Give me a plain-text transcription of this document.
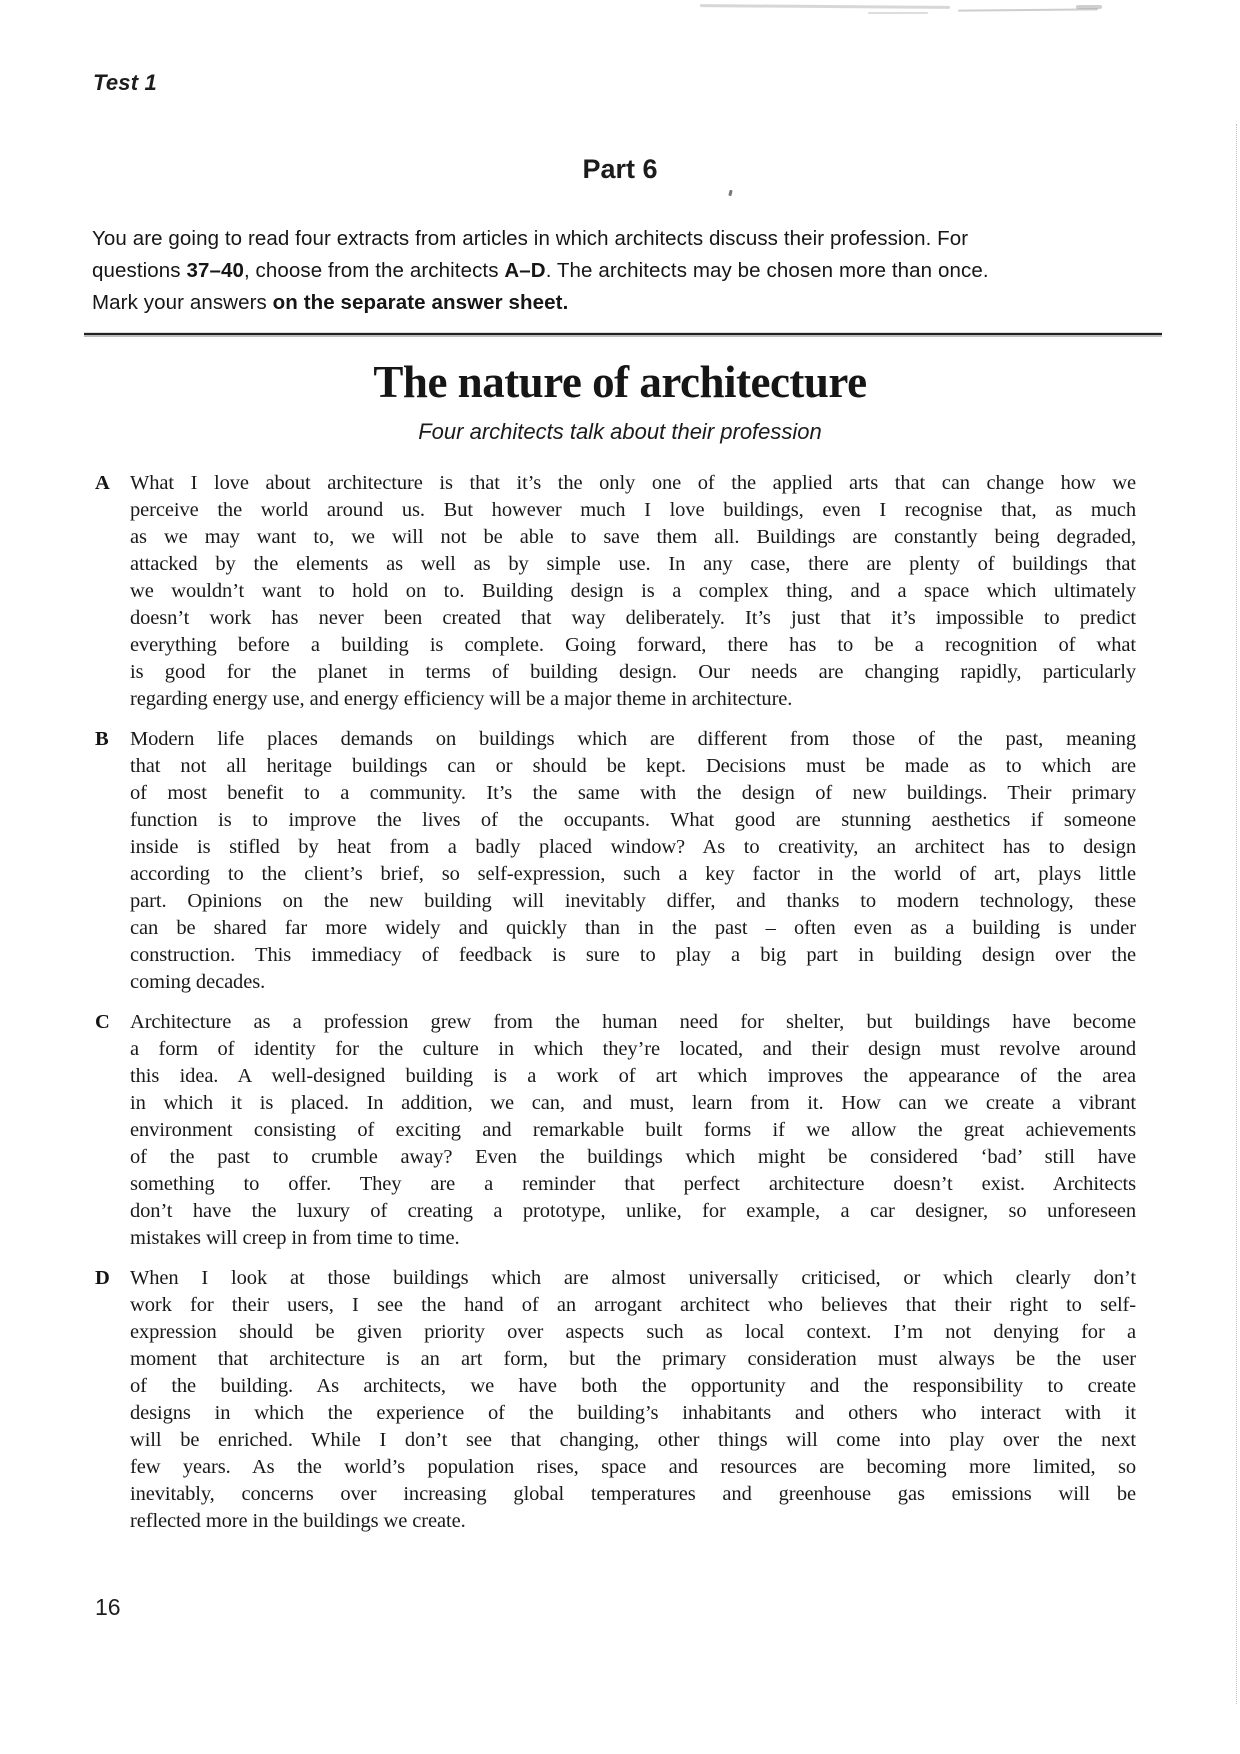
Test 1
Part 6
You are going to read four extracts from articles in which architects discuss their profession. For
questions 37–40, choose from the architects A–D. The architects may be chosen more than once.
Mark your answers on the separate answer sheet.
The nature of architecture
Four architects talk about their profession
A What I love about architecture is that it’s the only one of the applied arts that can change how we
perceive the world around us. But however much I love buildings, even I recognise that, as much
as we may want to, we will not be able to save them all. Buildings are constantly being degraded,
attacked by the elements as well as by simple use. In any case, there are plenty of buildings that
we wouldn’t want to hold on to. Building design is a complex thing, and a space which ultimately
doesn’t work has never been created that way deliberately. It’s just that it’s impossible to predict
everything before a building is complete. Going forward, there has to be a recognition of what
is good for the planet in terms of building design. Our needs are changing rapidly, particularly
regarding energy use, and energy efficiency will be a major theme in architecture.
B	Modern life places demands on buildings which are different from those of the past, meaning
that not all heritage buildings can or should be kept. Decisions must be made as to which are
of most benefit to a community. It’s the same with the design of new buildings. Their primary
function is to improve the lives of the occupants. What good are stunning aesthetics if someone
inside is stifled by heat from a badly placed window? As to creativity, an architect has to design
according to the client’s brief, so self-expression, such a key factor in the world of art, plays little
part. Opinions on the new building will inevitably differ, and thanks to modern technology, these
can be shared far more widely and quickly than in the past – often even as a building is under
construction. This immediacy of feedback is sure to play a big part in building design over the
coming decades.
C Architecture as a profession grew from the human need for shelter, but buildings have become
a form of identity for the culture in which they’re located, and their design must revolve around
this idea. A well-designed building is a work of art which improves the appearance of the area
in which it is placed. In addition, we can, and must, learn from it. How can we create a vibrant
environment consisting of exciting and remarkable built forms if we allow the great achievements
of the past to crumble away? Even the buildings which might be considered ‘bad’ still have
something to offer. They are a reminder that perfect architecture doesn’t exist. Architects
don’t have the luxury of creating a prototype, unlike, for example, a car designer, so unforeseen
mistakes will creep in from time to time.
D When I look at those buildings which are almost universally criticised, or which clearly don’t
work for their users, I see the hand of an arrogant architect who believes that their right to self-
expression should be given priority over aspects such as local context. I’m not denying for a
moment that architecture is an art form, but the primary consideration must always be the user
of the building. As architects, we have both the opportunity and the responsibility to create
designs in which the experience of the building’s inhabitants and others who interact with it
will be enriched. While I don’t see that changing, other things will come into play over the next
few years. As the world’s population rises, space and resources are becoming more limited, so
inevitably, concerns over increasing global temperatures and greenhouse gas emissions will be
reflected more in the buildings we create.
16
